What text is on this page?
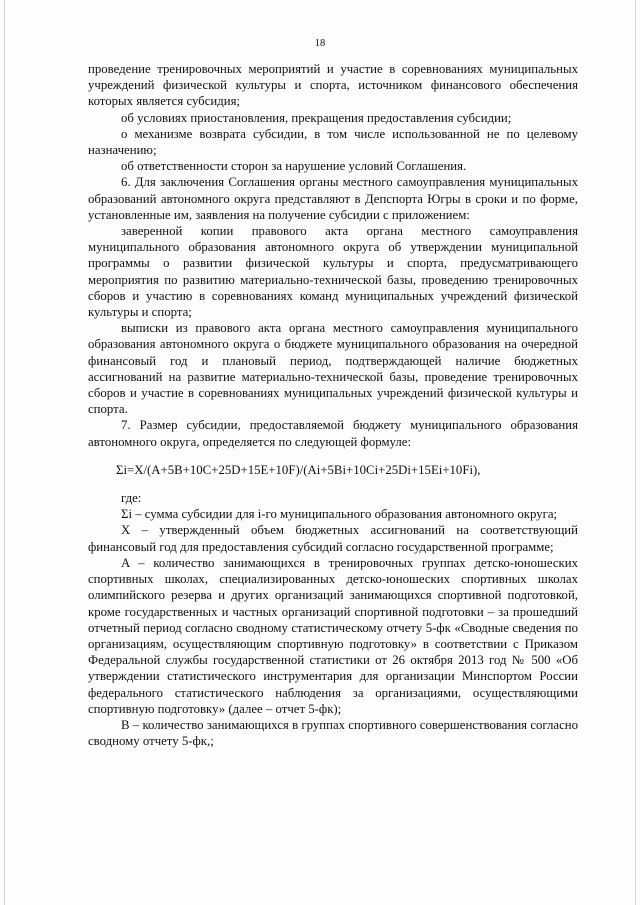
18

проведение тренировочных мероприятий и участие в соревнованиях муниципальных учреждений физической культуры и спорта, источником финансового обеспечения которых является субсидия;

об условиях приостановления, прекращения предоставления субсидии;

о механизме возврата субсидии, в том числе использованной не по целевому назначению;

об ответственности сторон за нарушение условий Соглашения.

6. Для заключения Соглашения органы местного самоуправления муниципальных образований автономного округа представляют в Депспорта Югры в сроки и по форме, установленные им, заявления на получение субсидии с приложением:

заверенной копии правового акта органа местного самоуправления муниципального образования автономного округа об утверждении муниципальной программы о развитии физической культуры и спорта, предусматривающего мероприятия по развитию материально-технической базы, проведению тренировочных сборов и участию в соревнованиях команд муниципальных учреждений физической культуры и спорта;

выписки из правового акта органа местного самоуправления муниципального образования автономного округа о бюджете муниципального образования на очередной финансовый год и плановый период, подтверждающей наличие бюджетных ассигнований на развитие материально-технической базы, проведение тренировочных сборов и участие в соревнованиях муниципальных учреждений физической культуры и спорта.

7. Размер субсидии, предоставляемой бюджету муниципального образования автономного округа, определяется по следующей формуле:

Σi=X/(A+5B+10C+25D+15E+10F)/(Ai+5Bi+10Ci+25Di+15Ei+10Fi),

где:

Σi – сумма субсидии для i-го муниципального образования автономного округа;

X – утвержденный объем бюджетных ассигнований на соответствующий финансовый год для предоставления субсидий согласно государственной программе;

A – количество занимающихся в тренировочных группах детско-юношеских спортивных школах, специализированных детско-юношеских спортивных школах олимпийского резерва и других организаций занимающихся спортивной подготовкой, кроме государственных и частных организаций спортивной подготовки – за прошедший отчетный период согласно сводному статистическому отчету 5-фк «Сводные сведения по организациям, осуществляющим спортивную подготовку» в соответствии с Приказом Федеральной службы государственной статистики от 26 октября 2013 год № 500 «Об утверждении статистического инструментария для организации Минспортом России федерального статистического наблюдения за организациями, осуществляющими спортивную подготовку» (далее – отчет 5-фк);

B – количество занимающихся в группах спортивного совершенствования согласно сводному отчету 5-фк,;
